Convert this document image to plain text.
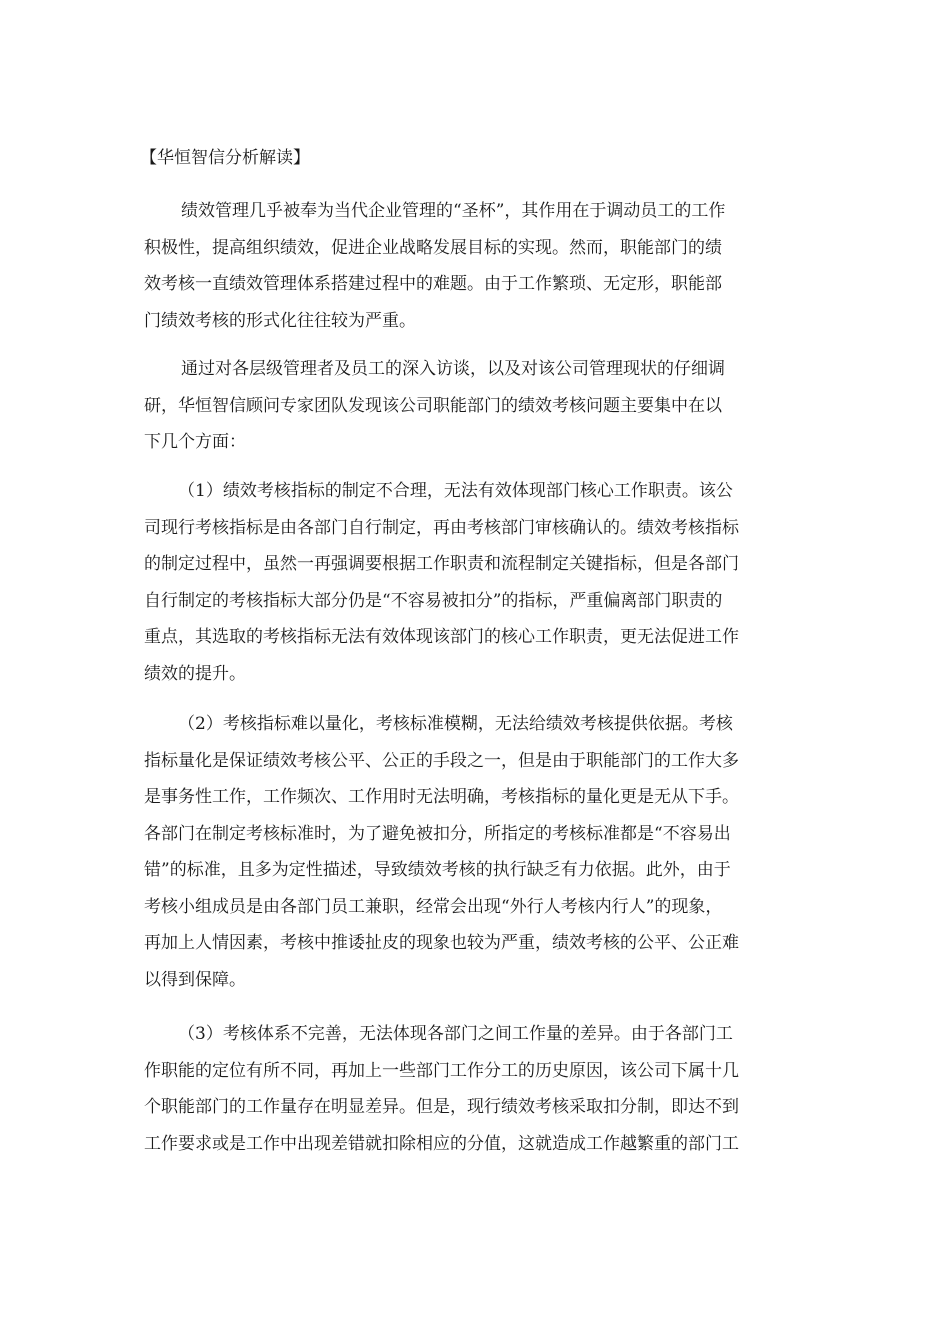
【华恒智信分析解读】
绩效管理几乎被奉为当代企业管理的“圣杯”，其作用在于调动员工的工作
积极性，提高组织绩效，促进企业战略发展目标的实现。然而，职能部门的绩
效考核一直绩效管理体系搭建过程中的难题。由于工作繁琐、无定形，职能部
门绩效考核的形式化往往较为严重。
通过对各层级管理者及员工的深入访谈，以及对该公司管理现状的仔细调
研，华恒智信顾问专家团队发现该公司职能部门的绩效考核问题主要集中在以
下几个方面：
（1）绩效考核指标的制定不合理，无法有效体现部门核心工作职责。该公
司现行考核指标是由各部门自行制定，再由考核部门审核确认的。绩效考核指标
的制定过程中，虽然一再强调要根据工作职责和流程制定关键指标，但是各部门
自行制定的考核指标大部分仍是“不容易被扣分”的指标，严重偏离部门职责的
重点，其选取的考核指标无法有效体现该部门的核心工作职责，更无法促进工作
绩效的提升。
（2）考核指标难以量化，考核标准模糊，无法给绩效考核提供依据。考核
指标量化是保证绩效考核公平、公正的手段之一，但是由于职能部门的工作大多
是事务性工作，工作频次、工作用时无法明确，考核指标的量化更是无从下手。
各部门在制定考核标准时，为了避免被扣分，所指定的考核标准都是“不容易出
错”的标准，且多为定性描述，导致绩效考核的执行缺乏有力依据。此外，由于
考核小组成员是由各部门员工兼职，经常会出现“外行人考核内行人”的现象，
再加上人情因素，考核中推诿扯皮的现象也较为严重，绩效考核的公平、公正难
以得到保障。
（3）考核体系不完善，无法体现各部门之间工作量的差异。由于各部门工
作职能的定位有所不同，再加上一些部门工作分工的历史原因，该公司下属十几
个职能部门的工作量存在明显差异。但是，现行绩效考核采取扣分制，即达不到
工作要求或是工作中出现差错就扣除相应的分值，这就造成工作越繁重的部门工
